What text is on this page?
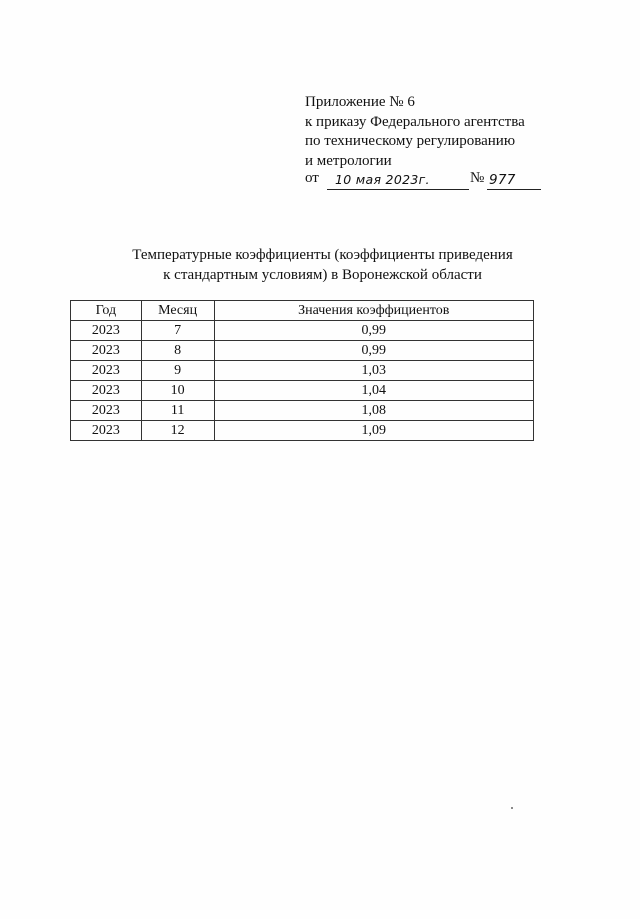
Приложение № 6
к приказу Федерального агентства
по техническому регулированию
и метрологии
от 10 мая 2023г.	№ 977
Температурные коэффициенты (коэффициенты приведения
к стандартным условиям) в Воронежской области
Год	Месяц	Значения коэффициентов
2023	7	0,99
2023	8	0,99
2023	9	1,03
2023	10	1,04
2023	11	1,08
2023	12	1,09
